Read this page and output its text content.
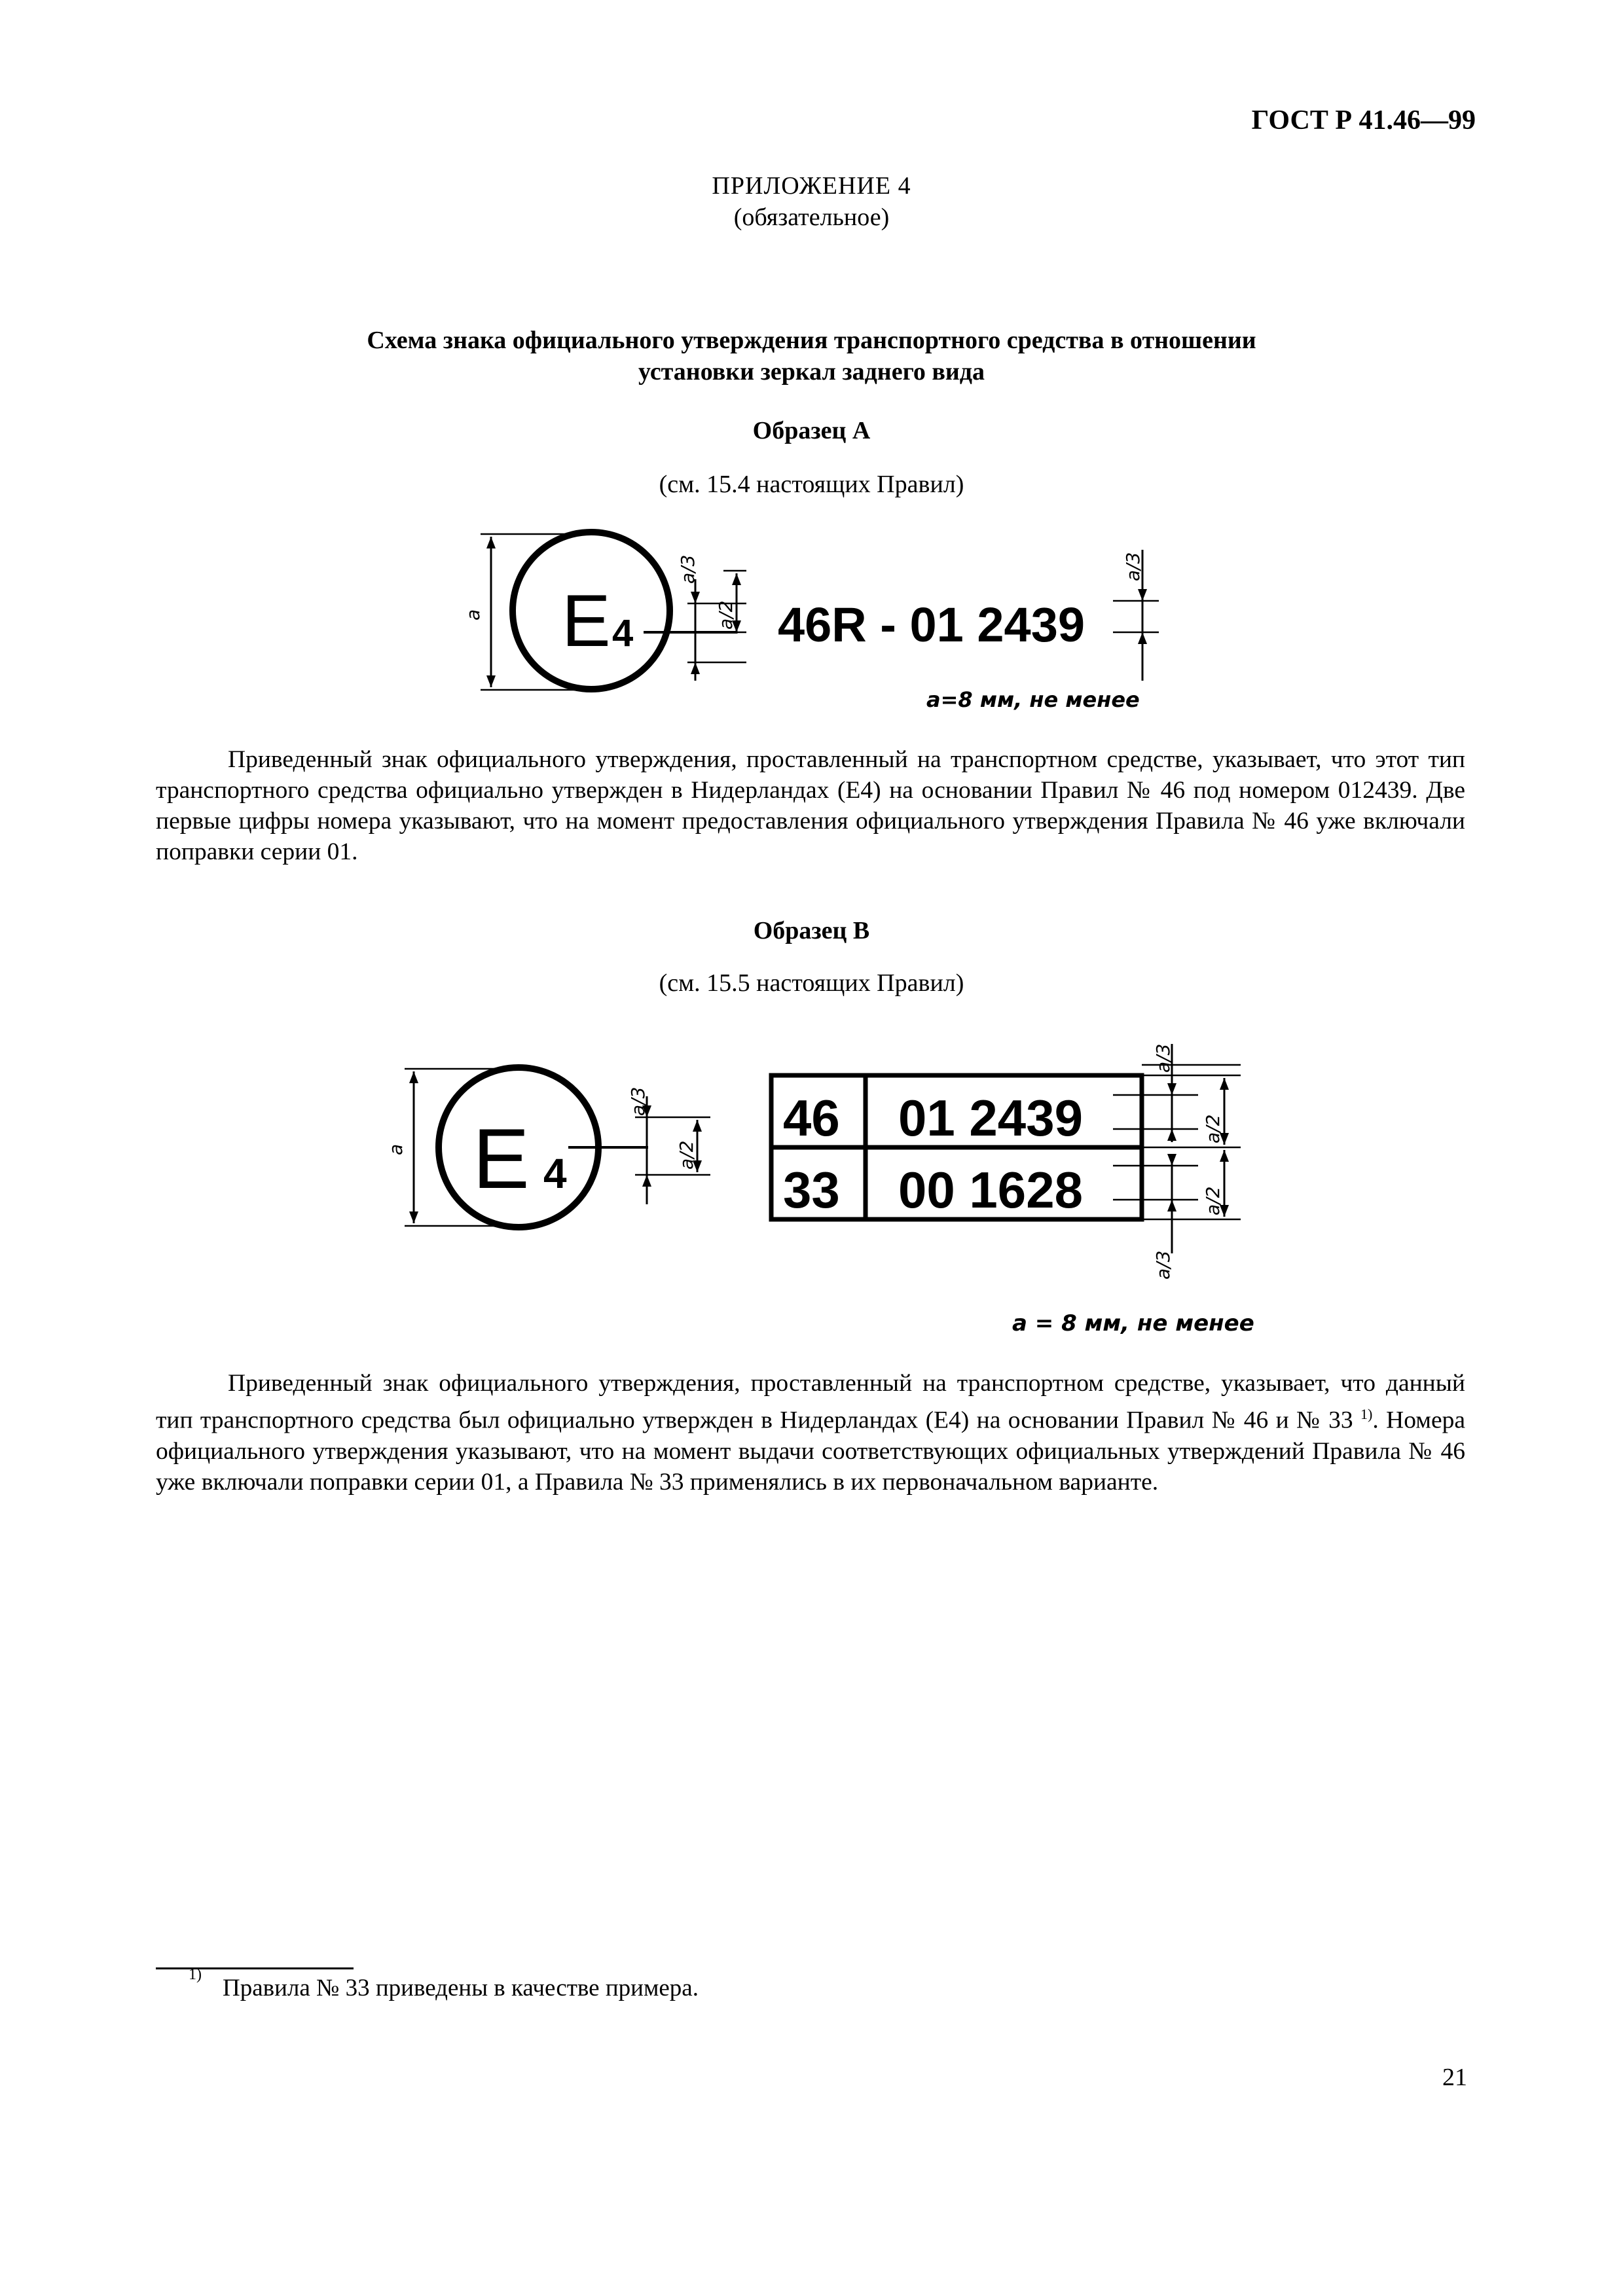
ГОСТ Р 41.46—99
ПРИЛОЖЕНИЕ 4
(обязательное)
Схема знака официального утверждения транспортного средства в отношении
установки зеркал заднего вида
Образец A
(см. 15.4 настоящих Правил)
E 4	46R - 01 2439
a
a/3
a/2
a/3
a=8 мм, не менее
Приведенный знак официального утверждения, проставленный на транспортном средстве, указывает, что этот тип транспортного средства официально утвержден в Нидерландах (E4) на основании Правил № 46 под номером 012439. Две первые цифры номера указывают, что на момент предоставления официального утверждения Правила № 46 уже включали поправки серии 01.
Образец B
(см. 15.5 настоящих Правил)
E 4
46 01 2439
33 00 1628
a
a/3
a/2
a/3
a/2
a/2
a/3
a = 8 мм, не менее
Приведенный знак официального утверждения, проставленный на транспортном средстве, указывает, что данный тип транспортного средства был официально утвержден в Нидерландах (E4) на основании Правил № 46 и № 33 $^{1)}$. Номера официального утверждения указывают, что на момент выдачи соответствующих официальных утверждений Правила № 46 уже включали поправки серии 01, а Правила № 33 применялись в их первоначальном варианте.
1) Правила № 33 приведены в качестве примера.
21
